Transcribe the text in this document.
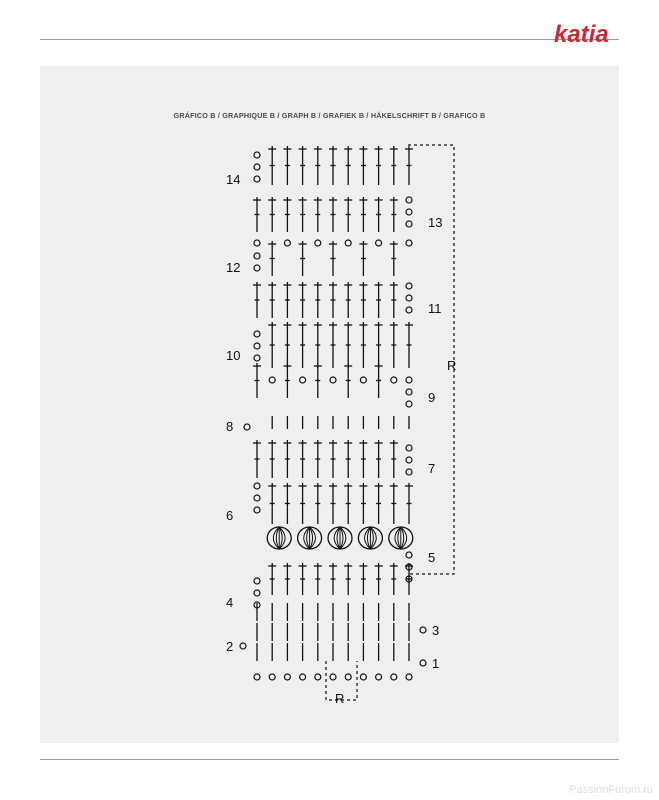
katia
GRÁFICO B / GRAPHIQUE B / GRAPH B / GRAFIEK B / HÄKELSCHRIFT B / GRAFICO B
1
2
3
4
5
6
7
8
9
10
11
12
13
14
R
R
PassionForum.ru
